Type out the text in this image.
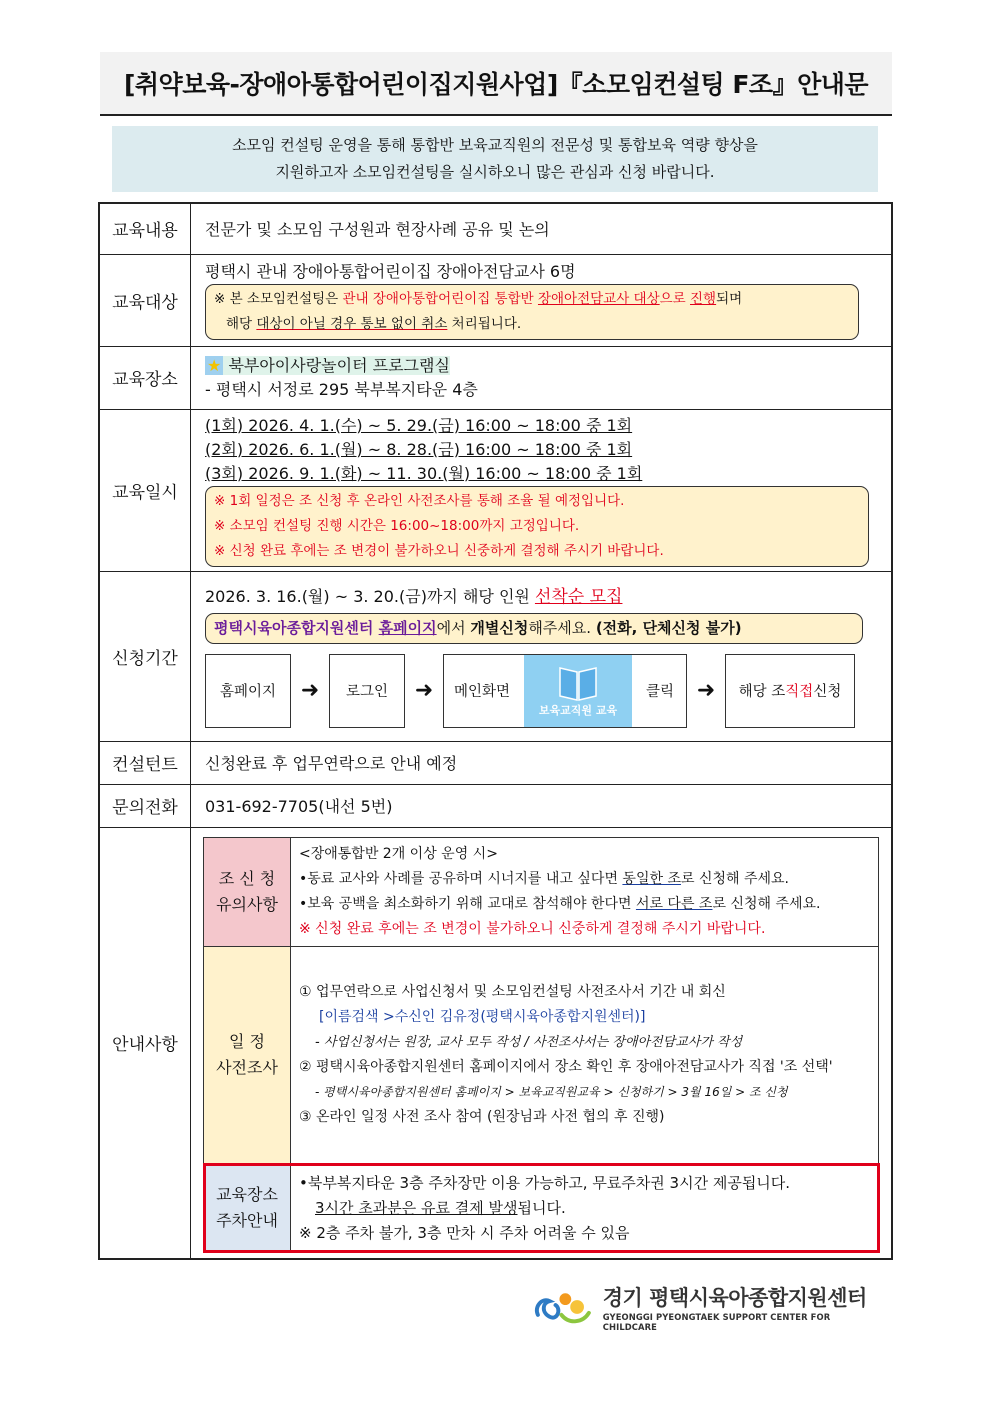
[취약보육-장애아통합어린이집지원사업]『소모임컨설팅 F조』안내문
소모임 컨설팅 운영을 통해 통합반 보육교직원의 전문성 및 통합보육 역량 향상을
지원하고자 소모임컨설팅을 실시하오니 많은 관심과 신청 바랍니다.
교육내용	전문가 및 소모임 구성원과 현장사례 공유 및 논의
교육대상	
평택시 관내 장애아통합어린이집 장애아전담교사 6명
※ 본 소모임컨설팅은 관내 장애아통합어린이집 통합반 장애아전담교사 대상으로 진행되며
해당 대상이 아닐 경우 통보 없이 취소 처리됩니다.

교육장소	
★ 북부아이사랑놀이터 프로그램실
- 평택시 서정로 295 북부복지타운 4층

교육일시	
(1회) 2026. 4. 1.(수) ~ 5. 29.(금) 16:00 ~ 18:00 중 1회
(2회) 2026. 6. 1.(월) ~ 8. 28.(금) 16:00 ~ 18:00 중 1회
(3회) 2026. 9. 1.(화) ~ 11. 30.(월) 16:00 ~ 18:00 중 1회
※ 1회 일정은 조 신청 후 온라인 사전조사를 통해 조율 될 예정입니다.
※ 소모임 컨설팅 진행 시간은 16:00~18:00까지 고정입니다.
※ 신청 완료 후에는 조 변경이 불가하오니 신중하게 결정해 주시기 바랍니다.

신청기간	
2026. 3. 16.(월) ~ 3. 20.(금)까지 해당 인원 선착순 모집
평택시육아종합지원센터 홈페이지에서 개별신청해주세요. (전화, 단체신청 불가)
홈페이지	➜	로그인	➜	메인화면
보육교직원 교육
클릭	➜	해당 조 직접 신청

컨설턴트	신청완료 후 업무연락으로 안내 예정
문의전화	031-692-7705(내선 5번)
안내사항	
조 신 청
유의사항

<장애통합반 2개 이상 운영 시>
•동료 교사와 사례를 공유하며 시너지를 내고 싶다면 동일한 조로 신청해 주세요.
•보육 공백을 최소화하기 위해 교대로 참석해야 한다면 서로 다른 조로 신청해 주세요.
※ 신청 완료 후에는 조 변경이 불가하오니 신중하게 결정해 주시기 바랍니다.

일 정
사전조사

① 업무연락으로 사업신청서 및 소모임컨설팅 사전조사서 기간 내 회신
[이름검색 >수신인 김유정(평택시육아종합지원센터)]
- 사업신청서는 원장, 교사 모두 작성 / 사전조사서는 장애아전담교사가 작성
② 평택시육아종합지원센터 홈페이지에서 장소 확인 후 장애아전담교사가 직접 '조 선택'
- 평택시육아종합지원센터 홈페이지 > 보육교직원교육 > 신청하기 > 3월 16일 > 조 신청
③ 온라인 일정 사전 조사 참여 (원장님과 사전 협의 후 진행)

교육장소
주차안내

•북부복지타운 3층 주차장만 이용 가능하고, 무료주차권 3시간 제공됩니다.
3시간 초과분은 유료 결제 발생됩니다.
※ 2층 주차 불가, 3층 만차 시 주차 어려울 수 있음
경기 평택시육아종합지원센터
GYEONGGI PYEONGTAEK SUPPORT CENTER FOR CHILDCARE
